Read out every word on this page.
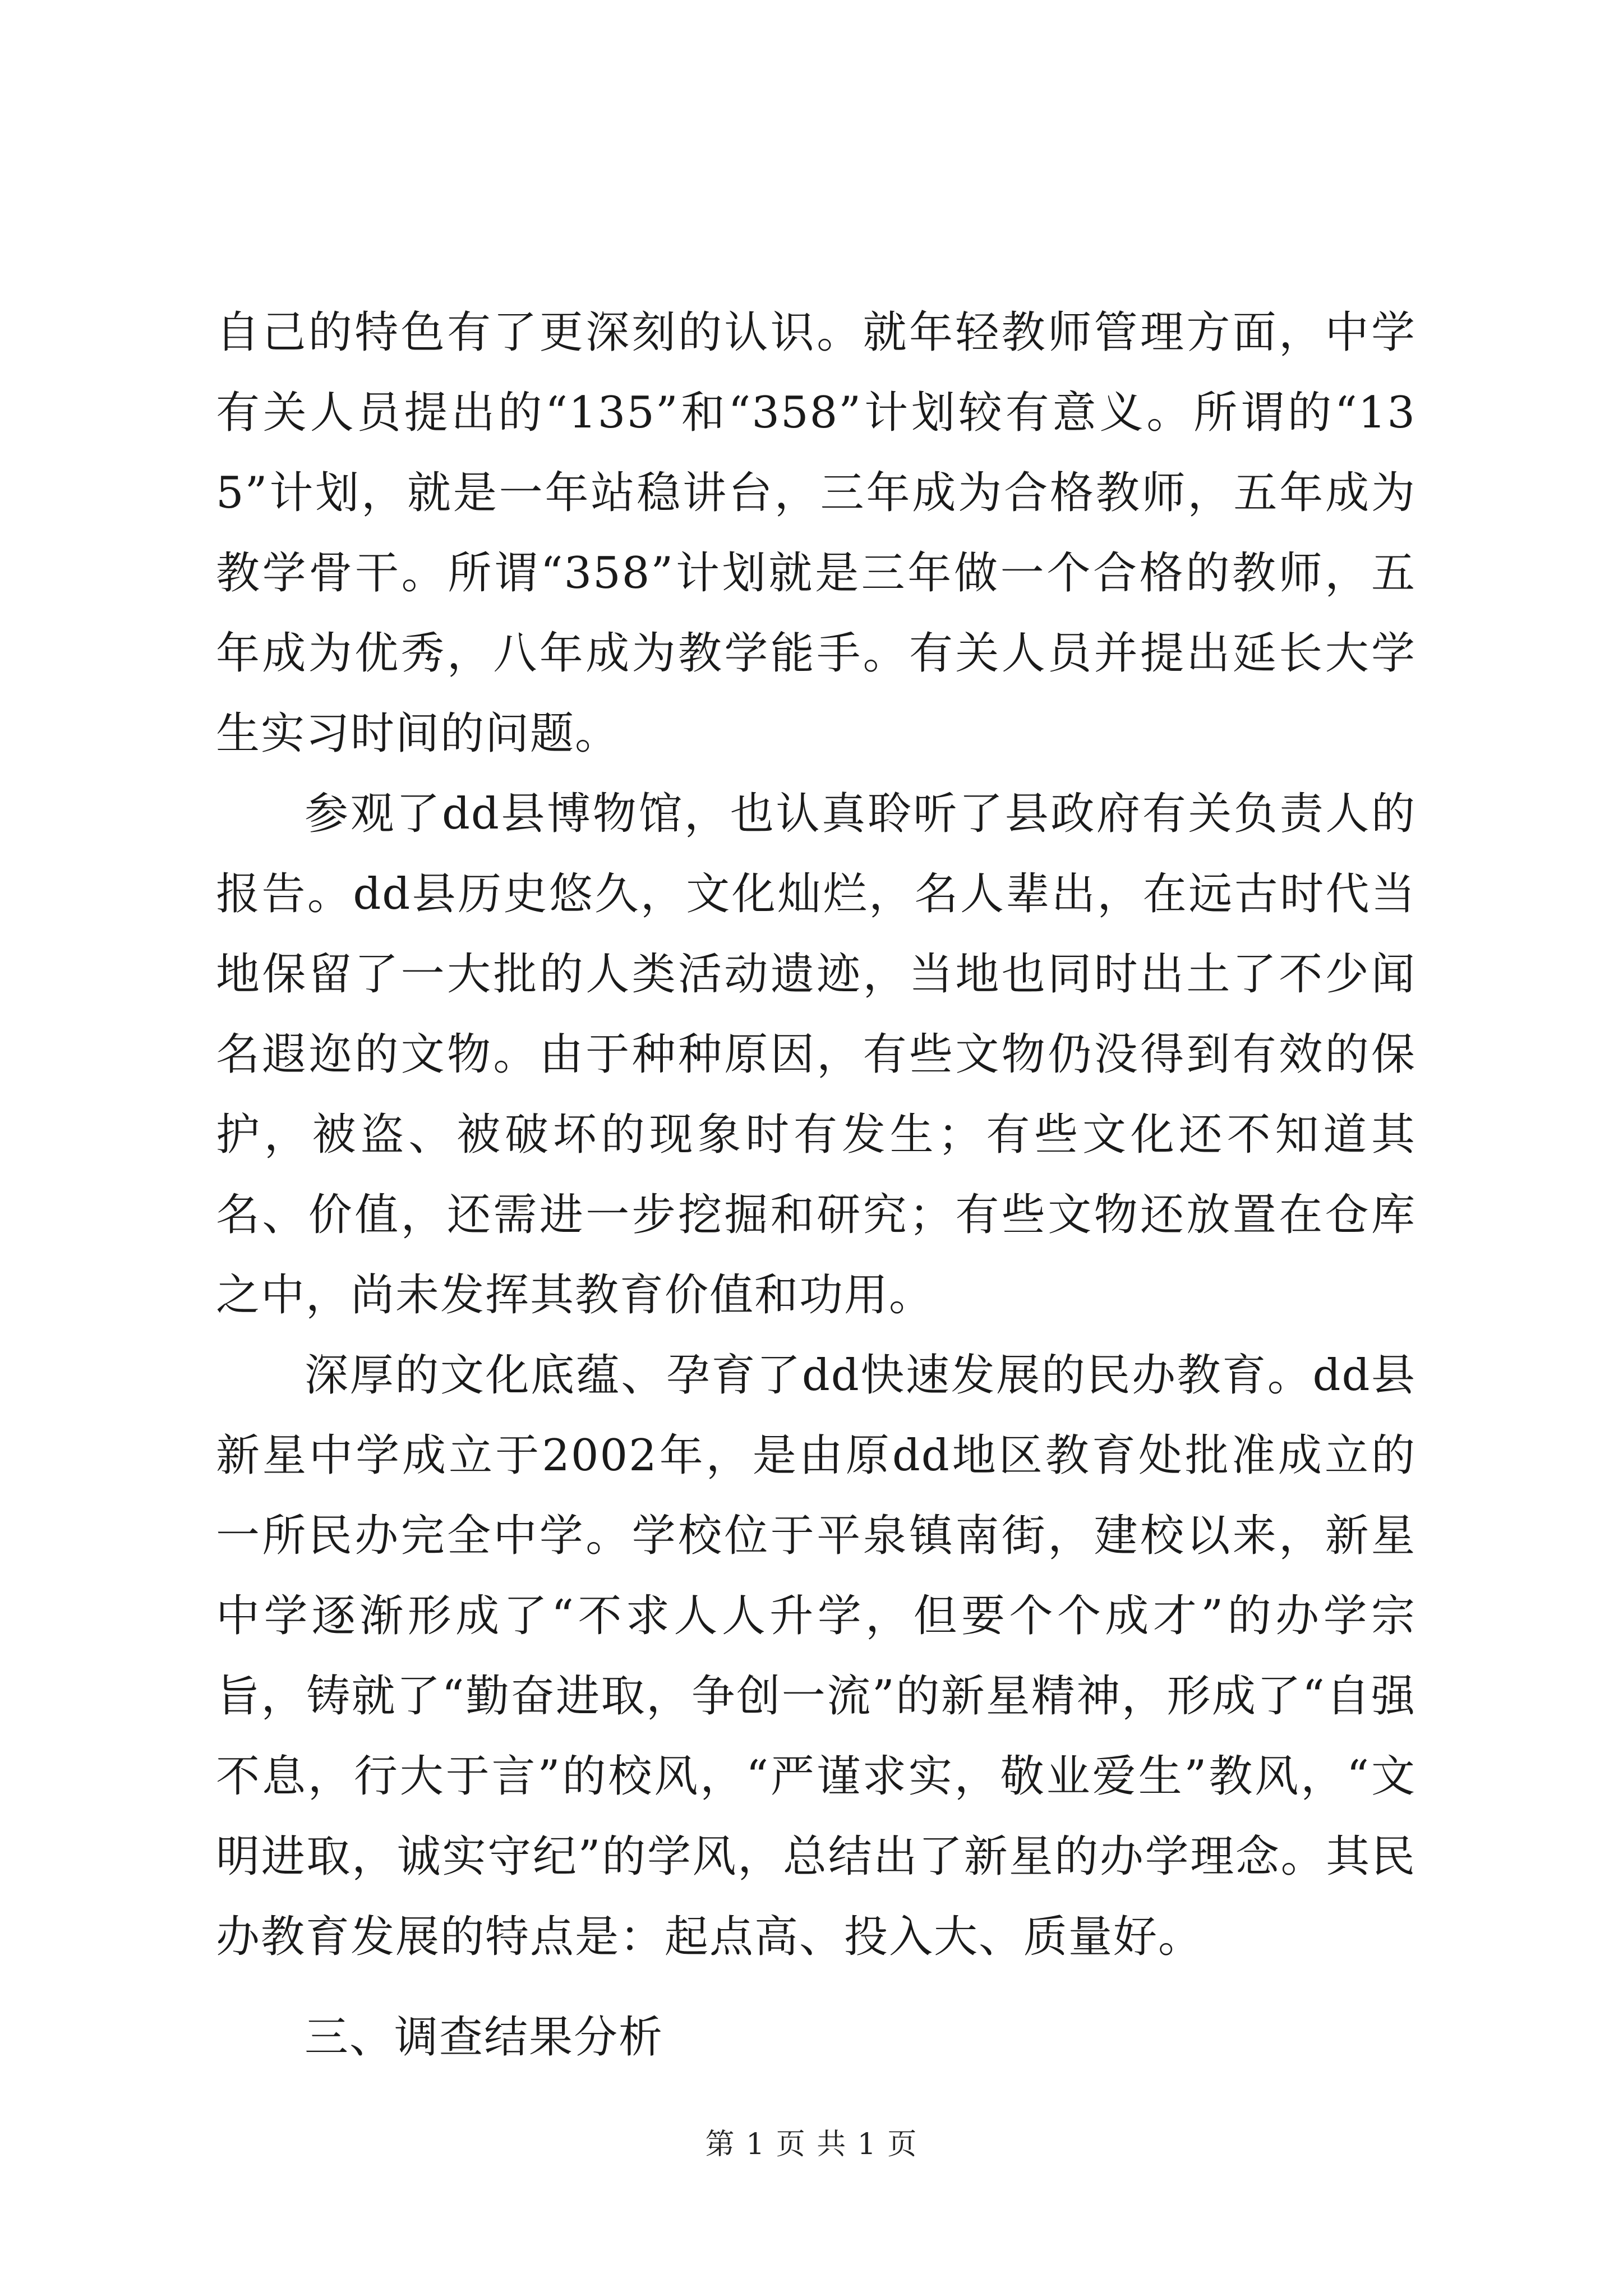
自己的特色有了更深刻的认识。就年轻教师管理方面，中学有关人员提出的“135”和“358”计划较有意义。所谓的“135”计划，就是一年站稳讲台，三年成为合格教师，五年成为教学骨干。所谓“358”计划就是三年做一个合格的教师，五年成为优秀，八年成为教学能手。有关人员并提出延长大学生实习时间的问题。

参观了dd县博物馆，也认真聆听了县政府有关负责人的报告。dd县历史悠久，文化灿烂，名人辈出，在远古时代当地保留了一大批的人类活动遗迹，当地也同时出土了不少闻名遐迩的文物。由于种种原因，有些文物仍没得到有效的保护，被盗、被破坏的现象时有发生；有些文化还不知道其名、价值，还需进一步挖掘和研究；有些文物还放置在仓库之中，尚未发挥其教育价值和功用。

深厚的文化底蕴、孕育了dd快速发展的民办教育。dd县新星中学成立于2002年，是由原dd地区教育处批准成立的一所民办完全中学。学校位于平泉镇南街，建校以来，新星中学逐渐形成了“不求人人升学，但要个个成才”的办学宗旨，铸就了“勤奋进取，争创一流”的新星精神，形成了“自强不息，行大于言”的校风，“严谨求实，敬业爱生”教风，“文明进取，诚实守纪”的学风，总结出了新星的办学理念。其民办教育发展的特点是：起点高、投入大、质量好。

三、调查结果分析

第 1 页 共 1 页
